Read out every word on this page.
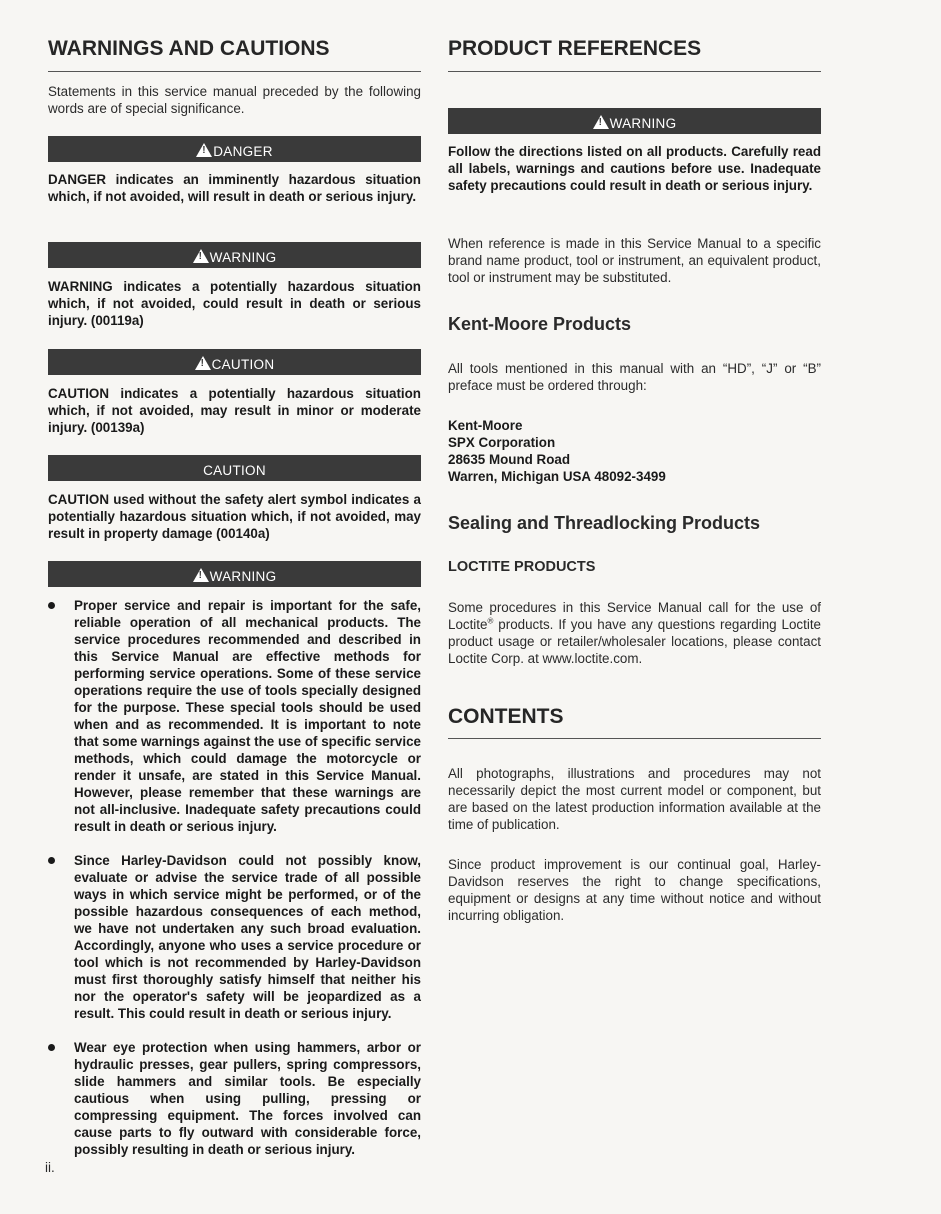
WARNINGS AND CAUTIONS

Statements in this service manual preceded by the following words are of special significance.

!
DANGER

DANGER indicates an imminently hazardous situation which, if not avoided, will result in death or serious injury.

!
WARNING

WARNING indicates a potentially hazardous situation which, if not avoided, could result in death or serious injury. (00119a)

!
CAUTION

CAUTION indicates a potentially hazardous situation which, if not avoided, may result in minor or moderate injury. (00139a)

CAUTION

CAUTION used without the safety alert symbol indicates a potentially hazardous situation which, if not avoided, may result in property damage (00140a)

!
WARNING
Proper service and repair is important for the safe, reliable operation of all mechanical products. The service procedures recommended and described in this Service Manual are effective methods for performing service operations. Some of these service operations require the use of tools specially designed for the purpose. These special tools should be used when and as recommended. It is important to note that some warnings against the use of specific service methods, which could damage the motorcycle or render it unsafe, are stated in this Service Manual. However, please remember that these warnings are not all-inclusive. Inadequate safety precautions could result in death or serious injury.
Since Harley-Davidson could not possibly know, evaluate or advise the service trade of all possible ways in which service might be performed, or of the possible hazardous consequences of each method, we have not undertaken any such broad evaluation. Accordingly, anyone who uses a service procedure or tool which is not recommended by Harley-Davidson must first thoroughly satisfy himself that neither his nor the operator's safety will be jeopardized as a result. This could result in death or serious injury.
Wear eye protection when using hammers, arbor or hydraulic presses, gear pullers, spring compressors, slide hammers and similar tools. Be especially cautious when using pulling, pressing or compressing equipment. The forces involved can cause parts to fly outward with considerable force, possibly resulting in death or serious injury.
ii.
PRODUCT REFERENCES
!
WARNING

Follow the directions listed on all products. Carefully read all labels, warnings and cautions before use. Inadequate safety precautions could result in death or serious injury.

When reference is made in this Service Manual to a specific brand name product, tool or instrument, an equivalent product, tool or instrument may be substituted.

Kent-Moore Products

All tools mentioned in this manual with an “HD”, “J” or “B” preface must be ordered through:

Kent-Moore
SPX Corporation
28635 Mound Road
Warren, Michigan USA 48092-3499
Sealing and Threadlocking Products
LOCTITE PRODUCTS

Some procedures in this Service Manual call for the use of Loctite® products. If you have any questions regarding Loctite product usage or retailer/wholesaler locations, please contact Loctite Corp. at www.loctite.com.

CONTENTS

All photographs, illustrations and procedures may not necessarily depict the most current model or component, but are based on the latest production information available at the time of publication.

Since product improvement is our continual goal, Harley-Davidson reserves the right to change specifications, equipment or designs at any time without notice and without incurring obligation.
